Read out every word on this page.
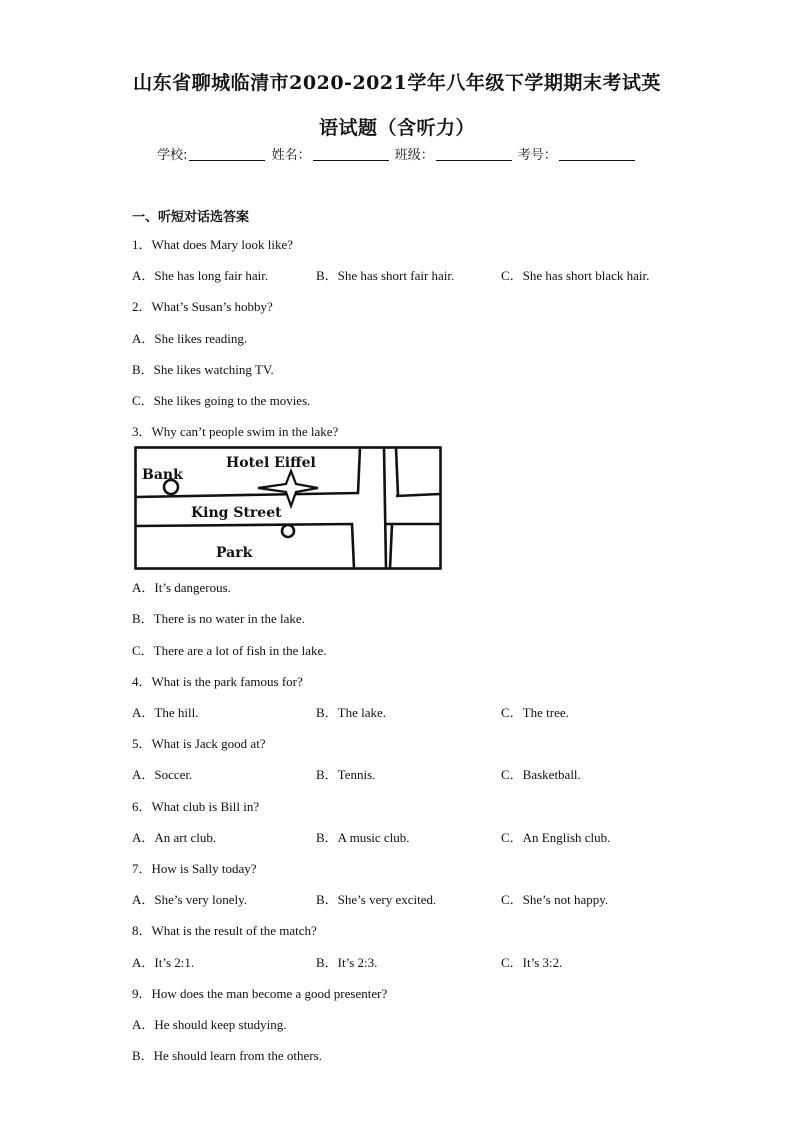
山东省聊城临清市2020-2021学年八年级下学期期末考试英
语试题（含听力）
学校:	姓名：	班级：	考号：
一、听短对话选答案
1．What does Mary look like?
A．She has long fair hair.	B．She has short fair hair.	C．She has short black hair.
2．What’s Susan’s hobby?
A．She likes reading.
B．She likes watching TV.
C．She likes going to the movies.
3．Why can’t people swim in the lake?
Bank
Hotel Eiffel
King Street
Park
A．It’s dangerous.
B．There is no water in the lake.
C．There are a lot of fish in the lake.
4．What is the park famous for?
A．The hill.	B．The lake.	C．The tree.
5．What is Jack good at?
A．Soccer.	B．Tennis.	C．Basketball.
6．What club is Bill in?
A．An art club.	B．A music club.	C．An English club.
7．How is Sally today?
A．She’s very lonely.	B．She’s very excited.	C．She’s not happy.
8．What is the result of the match?
A．It’s 2:1.	B．It’s 2:3.	C．It’s 3:2.
9．How does the man become a good presenter?
A．He should keep studying.
B．He should learn from the others.
